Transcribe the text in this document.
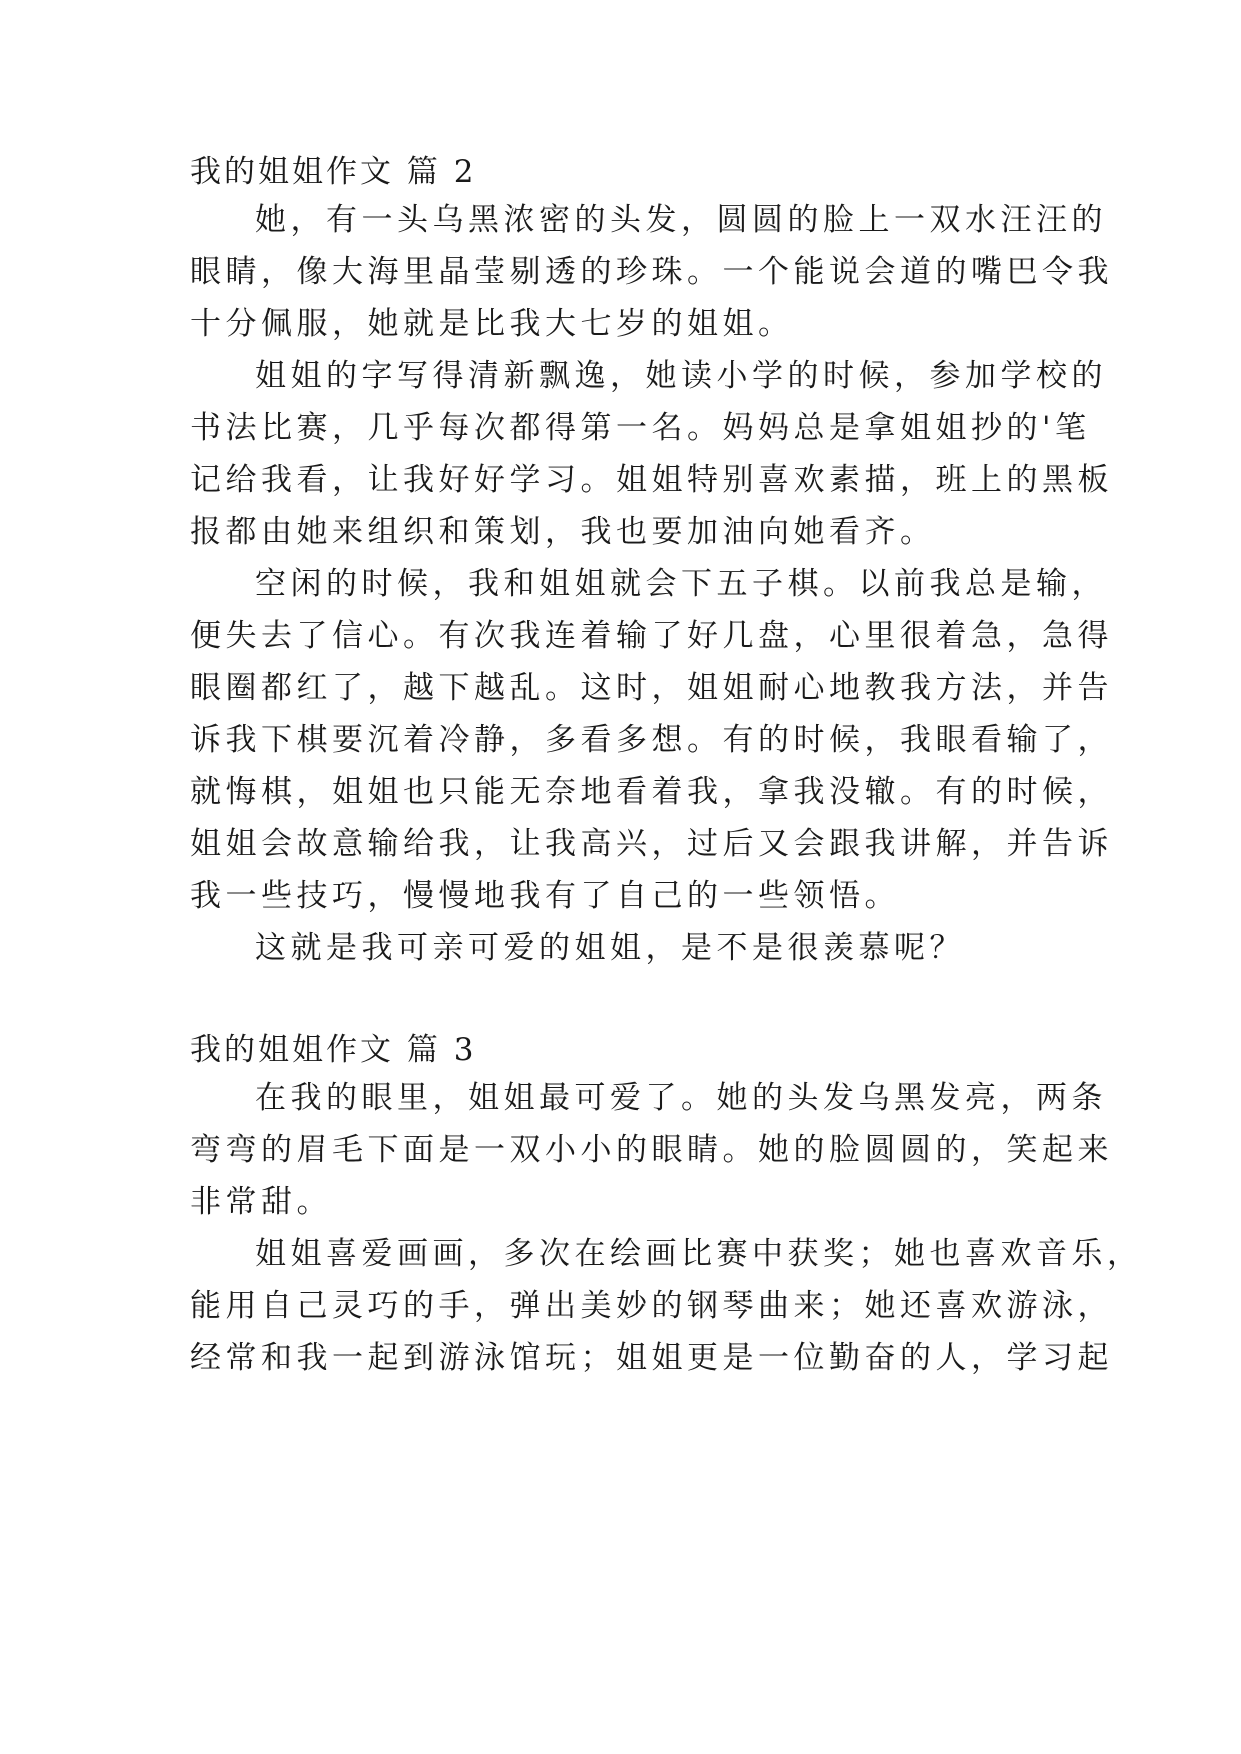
我的姐姐作文 篇 2
她，有一头乌黑浓密的头发，圆圆的脸上一双水汪汪的
眼睛，像大海里晶莹剔透的珍珠。一个能说会道的嘴巴令我
十分佩服，她就是比我大七岁的姐姐。
姐姐的字写得清新飘逸，她读小学的时候，参加学校的
书法比赛，几乎每次都得第一名。妈妈总是拿姐姐抄的'笔
记给我看，让我好好学习。姐姐特别喜欢素描，班上的黑板
报都由她来组织和策划，我也要加油向她看齐。
空闲的时候，我和姐姐就会下五子棋。以前我总是输，
便失去了信心。有次我连着输了好几盘，心里很着急，急得
眼圈都红了，越下越乱。这时，姐姐耐心地教我方法，并告
诉我下棋要沉着冷静，多看多想。有的时候，我眼看输了，
就悔棋，姐姐也只能无奈地看着我，拿我没辙。有的时候，
姐姐会故意输给我，让我高兴，过后又会跟我讲解，并告诉
我一些技巧，慢慢地我有了自己的一些领悟。
这就是我可亲可爱的姐姐，是不是很羡慕呢？
我的姐姐作文 篇 3
在我的眼里，姐姐最可爱了。她的头发乌黑发亮，两条
弯弯的眉毛下面是一双小小的眼睛。她的脸圆圆的，笑起来
非常甜。
姐姐喜爱画画，多次在绘画比赛中获奖；她也喜欢音乐，
能用自己灵巧的手，弹出美妙的钢琴曲来；她还喜欢游泳，
经常和我一起到游泳馆玩；姐姐更是一位勤奋的人，学习起
